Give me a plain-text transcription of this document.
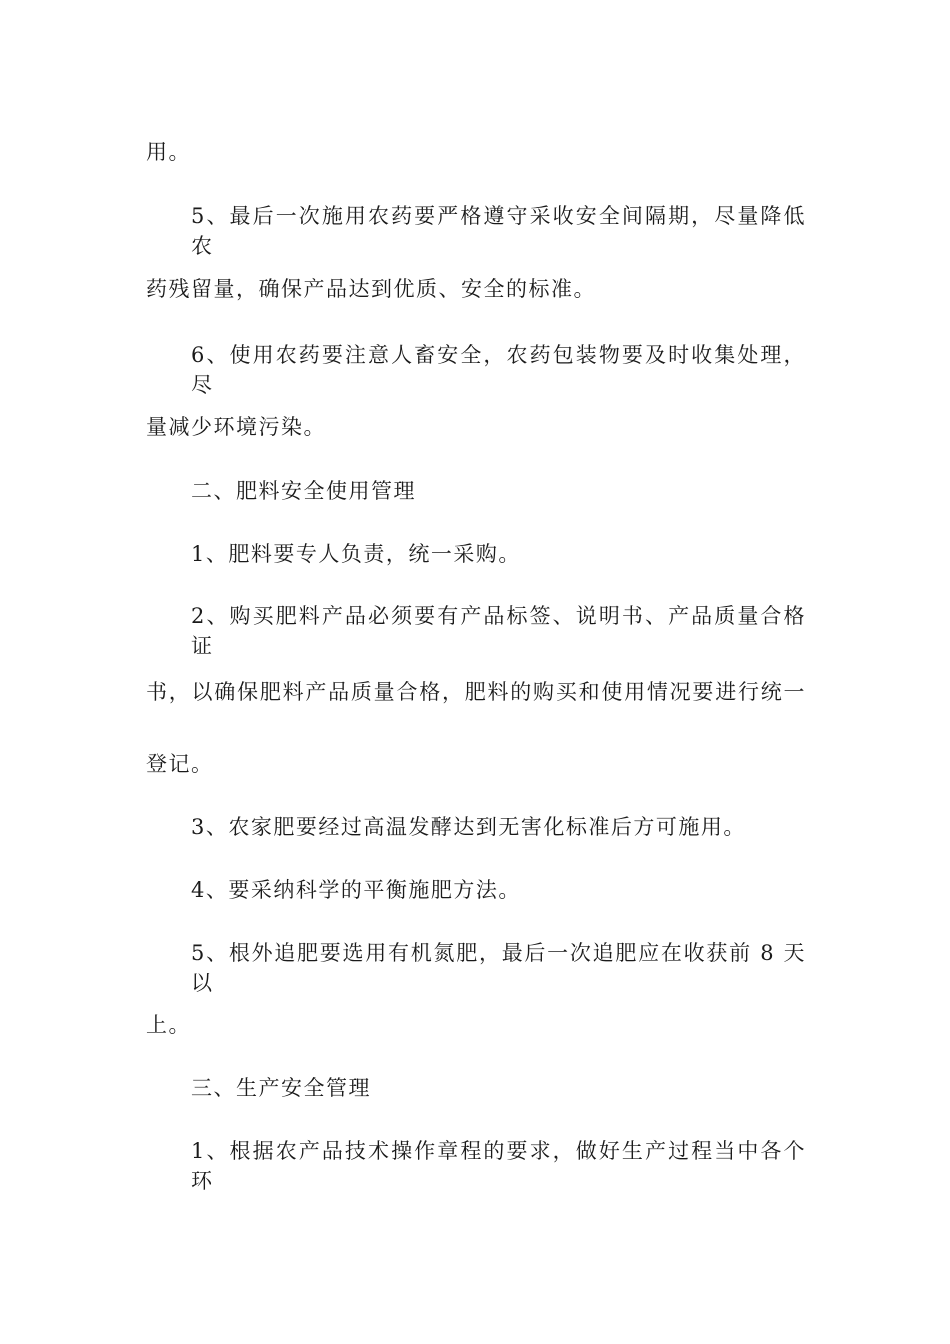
用。
5、最后一次施用农药要严格遵守采收安全间隔期，尽量降低农
药残留量，确保产品达到优质、安全的标准。
6、使用农药要注意人畜安全，农药包装物要及时收集处理，尽
量减少环境污染。
二、肥料安全使用管理
1、肥料要专人负责，统一采购。
2、购买肥料产品必须要有产品标签、说明书、产品质量合格证
书，以确保肥料产品质量合格，肥料的购买和使用情况要进行统一
登记。
3、农家肥要经过高温发酵达到无害化标准后方可施用。
4、要采纳科学的平衡施肥方法。
5、根外追肥要选用有机氮肥，最后一次追肥应在收获前 8 天以
上。
三、生产安全管理
1、根据农产品技术操作章程的要求，做好生产过程当中各个环
